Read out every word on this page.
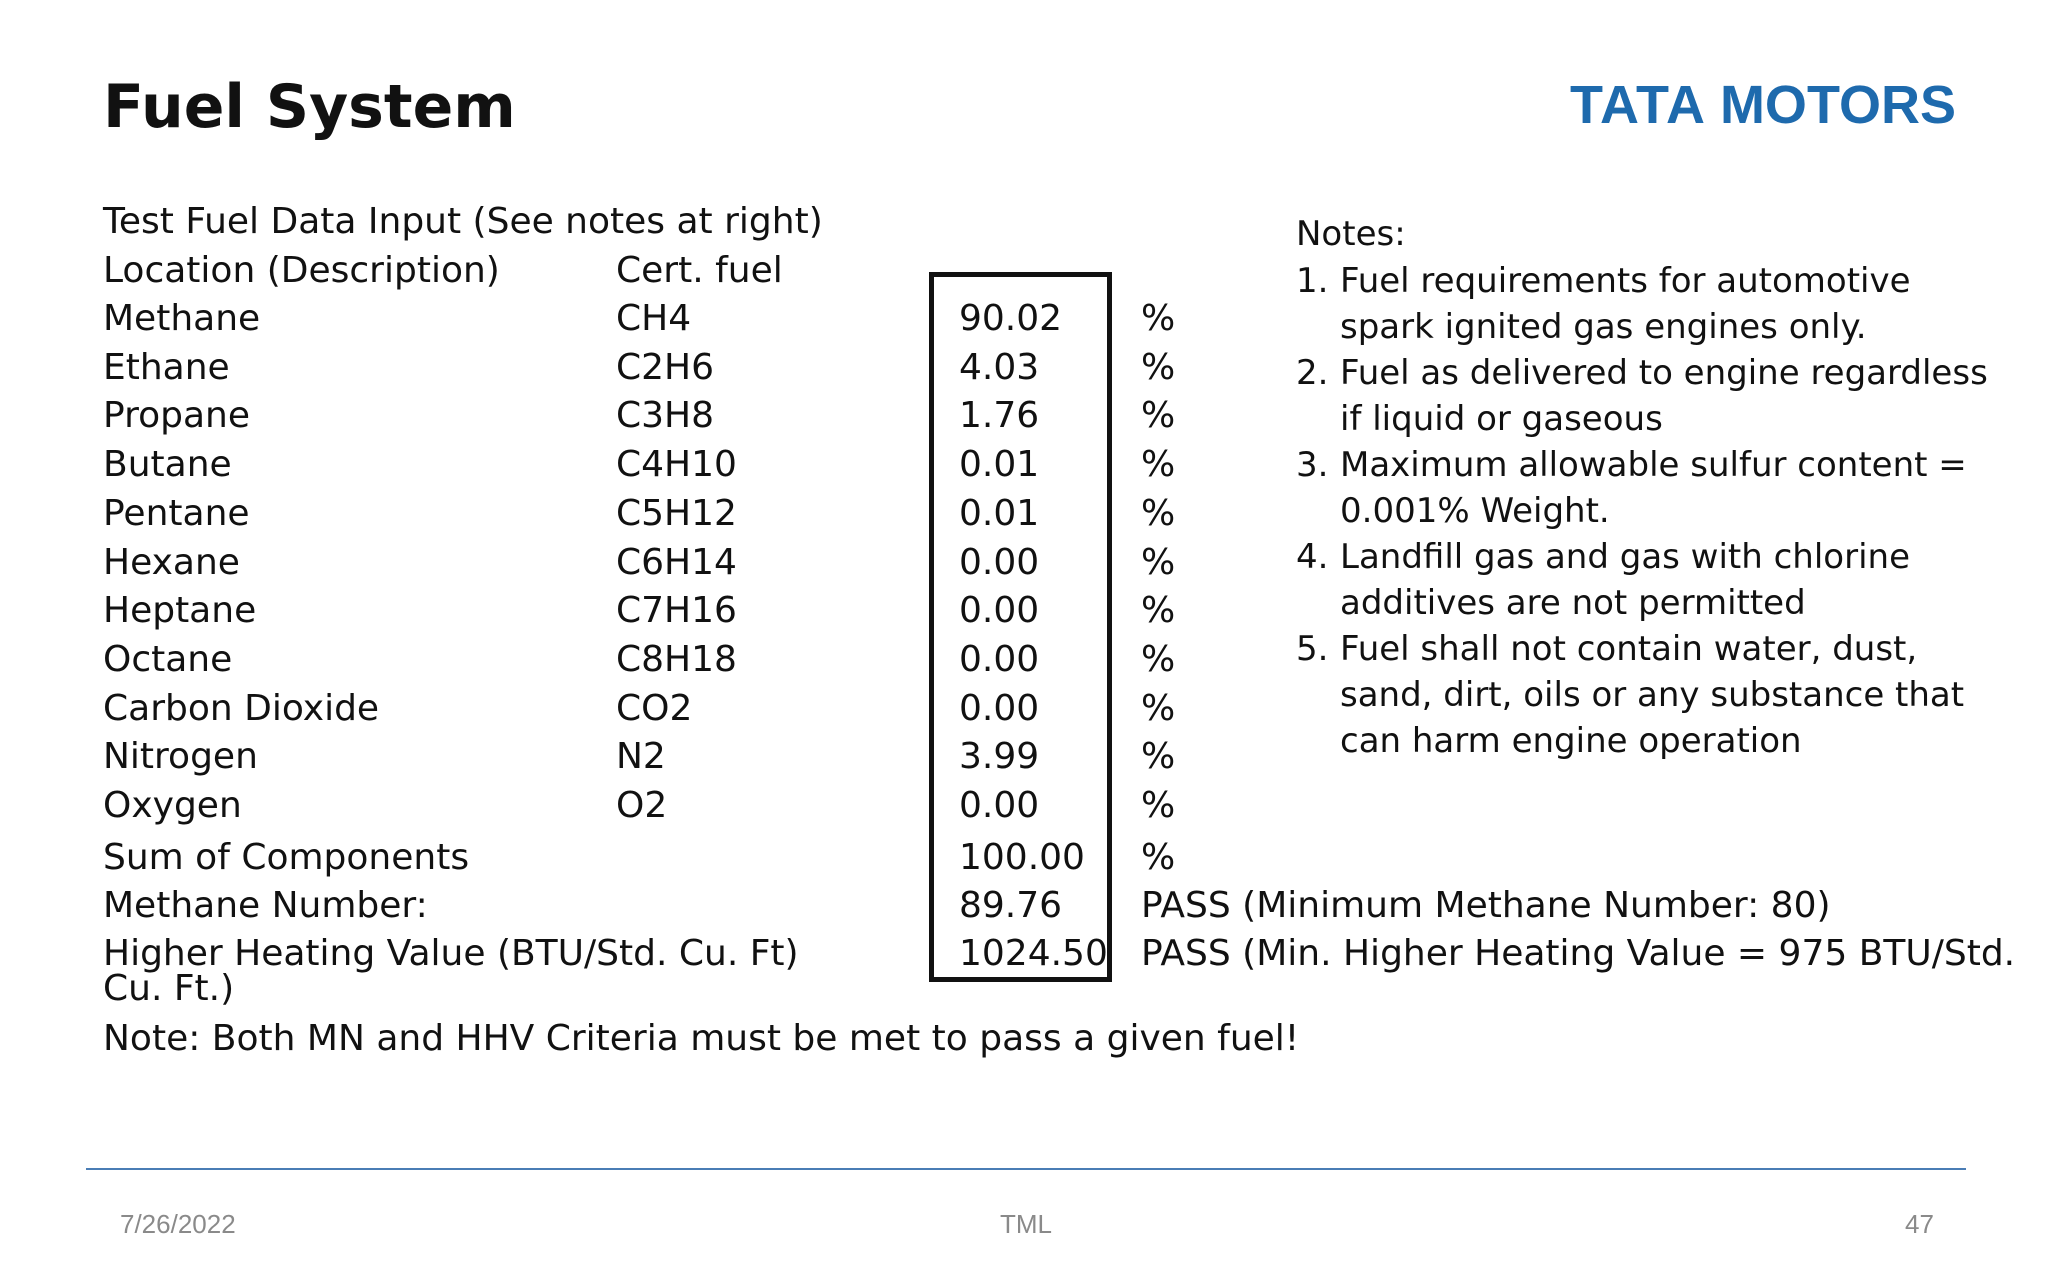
Fuel System	TATA MOTORS
Test Fuel Data Input (See notes at right)
Location (Description)	Cert. fuel
Methane	CH4	90.02 %
Ethane	C2H6	4.03	%
Propane	C3H8	1.76	%
Butane	C4H10	0.01	%
Pentane	C5H12	0.01	%
Hexane	C6H14	0.00	%
Heptane	C7H16	0.00	%
Octane	C8H18	0.00	%
Carbon Dioxide	CO2	0.00	%
Nitrogen	N2	3.99	%
Oxygen	O2	0.00	%
Sum of Components	100.00 %
Methane Number:	89.76 PASS (Minimum Methane Number: 80)
Higher Heating Value (BTU/Std. Cu. Ft)	1024.50 PASS (Min. Higher Heating Value = 975 BTU/Std.
Cu. Ft.)
Note: Both MN and HHV Criteria must be met to pass a given fuel!
Notes:
1. Fuel requirements for automotive spark ignited gas engines only.
2. Fuel as delivered to engine regardless if liquid or gaseous
3. Maximum allowable sulfur content = 0.001% Weight.
4. Landfill gas and gas with chlorine additives are not permitted
5. Fuel shall not contain water, dust, sand, dirt, oils or any substance that can harm engine operation
7/26/2022	TML	47
